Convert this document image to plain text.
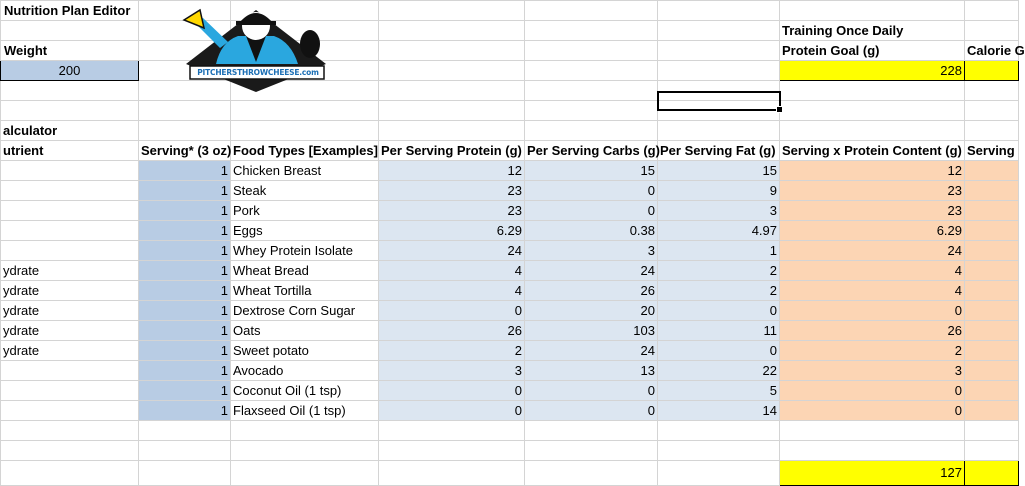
Nutrition Plan Editor							
						Training Once Daily	
Weight						Protein Goal (g)	Calorie G
200						228	

alculator							
utrient	Serving* (3 oz)	Food Types [Examples]	Per Serving Protein (g)	Per Serving Carbs (g)	Per Serving Fat (g)	Serving x Protein Content (g)	Serving
	1	Chicken Breast	12	15	15	12	
	1	Steak	23	0	9	23	
	1	Pork	23	0	3	23	
	1	Eggs	6.29	0.38	4.97	6.29	
	1	Whey Protein Isolate	24	3	1	24	
ydrate	1	Wheat Bread	4	24	2	4	
ydrate	1	Wheat Tortilla	4	26	2	4	
ydrate	1	Dextrose Corn Sugar	0	20	0	0	
ydrate	1	Oats	26	103	11	26	
ydrate	1	Sweet potato	2	24	0	2	
	1	Avocado	3	13	22	3	
	1	Coconut Oil (1 tsp)	0	0	5	0	
	1	Flaxseed Oil (1 tsp)	0	0	14	0	

						127	
PITCHERSTHROWCHEESE.com
